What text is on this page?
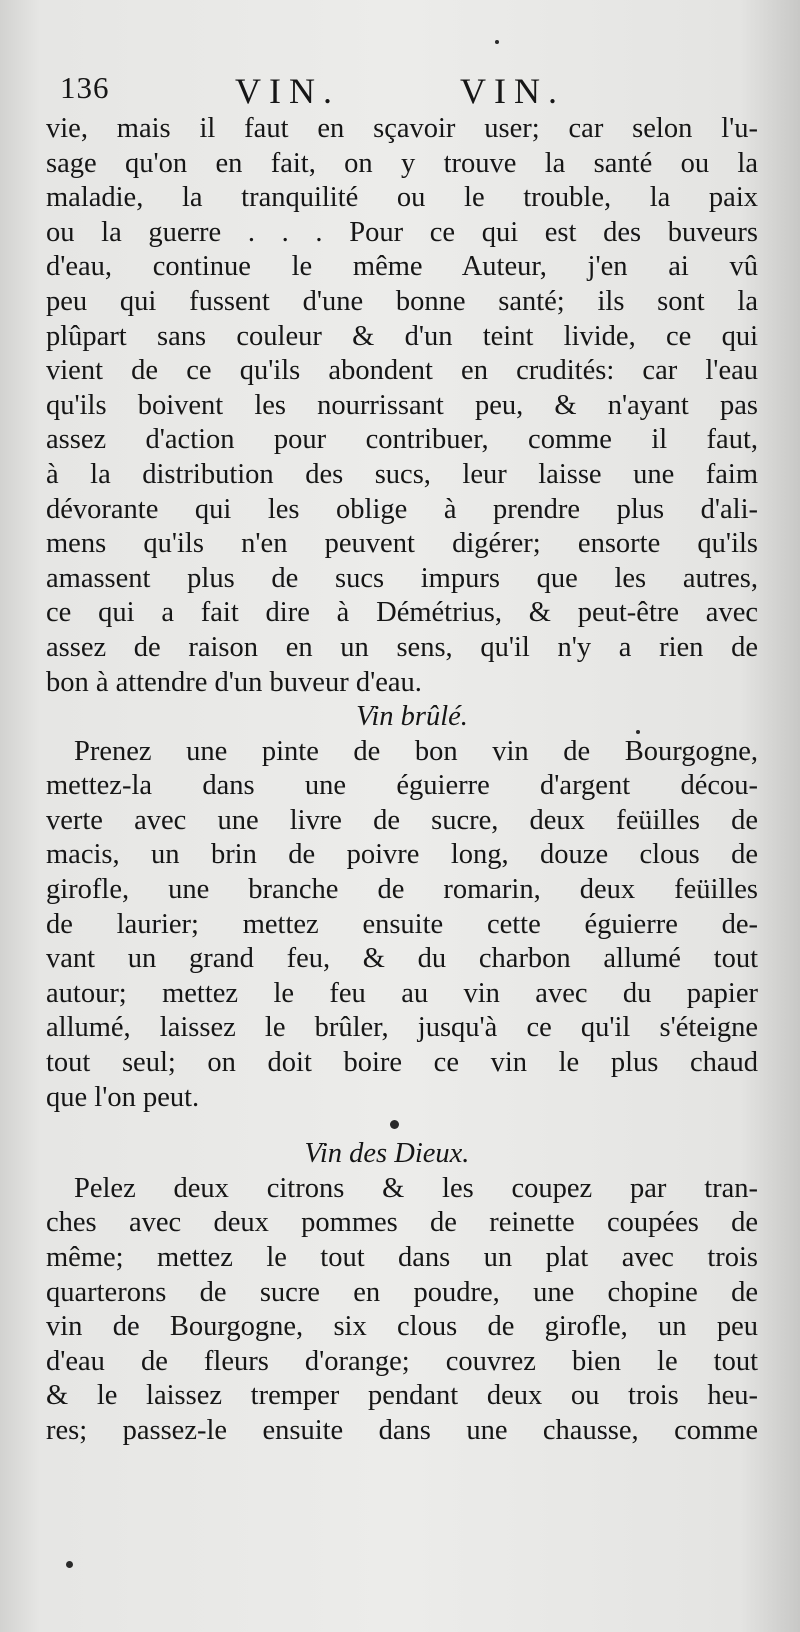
136	VIN.	VIN.
vie, mais il faut en sçavoir user; car selon l'u-
sage qu'on en fait, on y trouve la santé ou la
maladie, la tranquilité ou le trouble, la paix
ou la guerre . . . Pour ce qui est des buveurs
d'eau, continue le même Auteur, j'en ai vû
peu qui fussent d'une bonne santé; ils sont la
plûpart sans couleur & d'un teint livide, ce qui
vient de ce qu'ils abondent en crudités: car l'eau
qu'ils boivent les nourrissant peu, & n'ayant pas
assez d'action pour contribuer, comme il faut,
à la distribution des sucs, leur laisse une faim
dévorante qui les oblige à prendre plus d'ali-
mens qu'ils n'en peuvent digérer; ensorte qu'ils
amassent plus de sucs impurs que les autres,
ce qui a fait dire à Démétrius, & peut-être avec
assez de raison en un sens, qu'il n'y a rien de
bon à attendre d'un buveur d'eau.
Vin brûlé.
Prenez une pinte de bon vin de Bourgogne,
mettez-la dans une éguierre d'argent décou-
verte avec une livre de sucre, deux feüilles de
macis, un brin de poivre long, douze clous de
girofle, une branche de romarin, deux feüilles
de laurier; mettez ensuite cette éguierre de-
vant un grand feu, & du charbon allumé tout
autour; mettez le feu au vin avec du papier
allumé, laissez le brûler, jusqu'à ce qu'il s'éteigne
tout seul; on doit boire ce vin le plus chaud
que l'on peut.
Vin des Dieux.
Pelez deux citrons & les coupez par tran-
ches avec deux pommes de reinette coupées de
même; mettez le tout dans un plat avec trois
quarterons de sucre en poudre, une chopine de
vin de Bourgogne, six clous de girofle, un peu
d'eau de fleurs d'orange; couvrez bien le tout
& le laissez tremper pendant deux ou trois heu-
res; passez-le ensuite dans une chausse, comme
